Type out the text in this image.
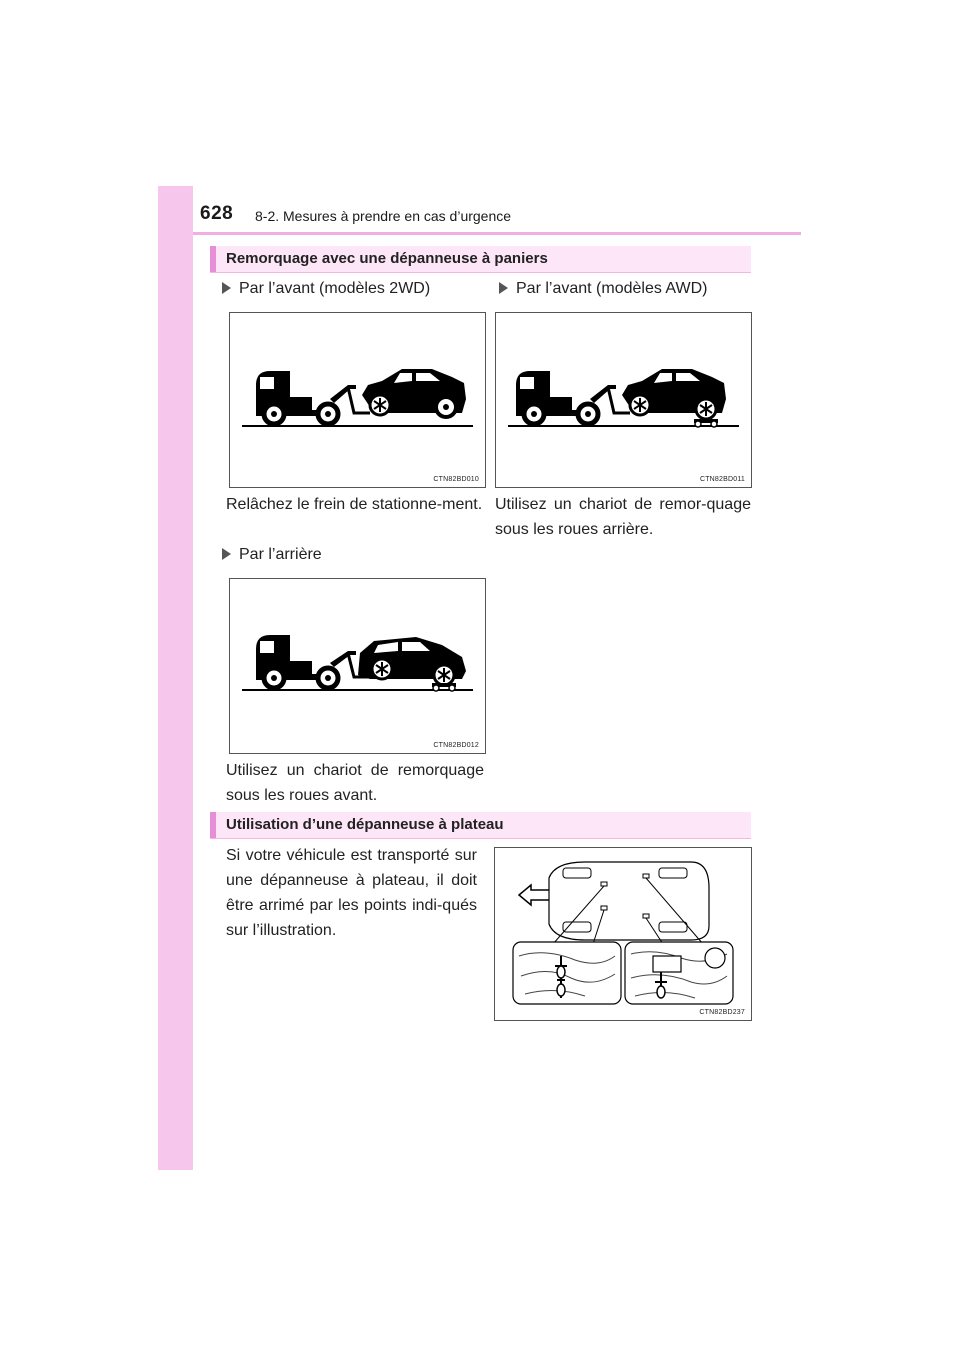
628 8-2. Mesures à prendre en cas d’urgence
Remorquage avec une dépanneuse à paniers
Par l’avant (modèles 2WD)	Par l’avant (modèles AWD)
CTN82BD010	CTN82BD011
Relâchez le frein de stationne-ment. Utilisez un chariot de remor-quage sous les roues arrière.
Par l’arrière
CTN82BD012
Utilisez un chariot de remorquage sous les roues avant.
Utilisation d’une dépanneuse à plateau
Si votre véhicule est transporté sur une dépanneuse à plateau, il doit être arrimé par les points indi-qués sur l’illustration.
CTN82BD237
